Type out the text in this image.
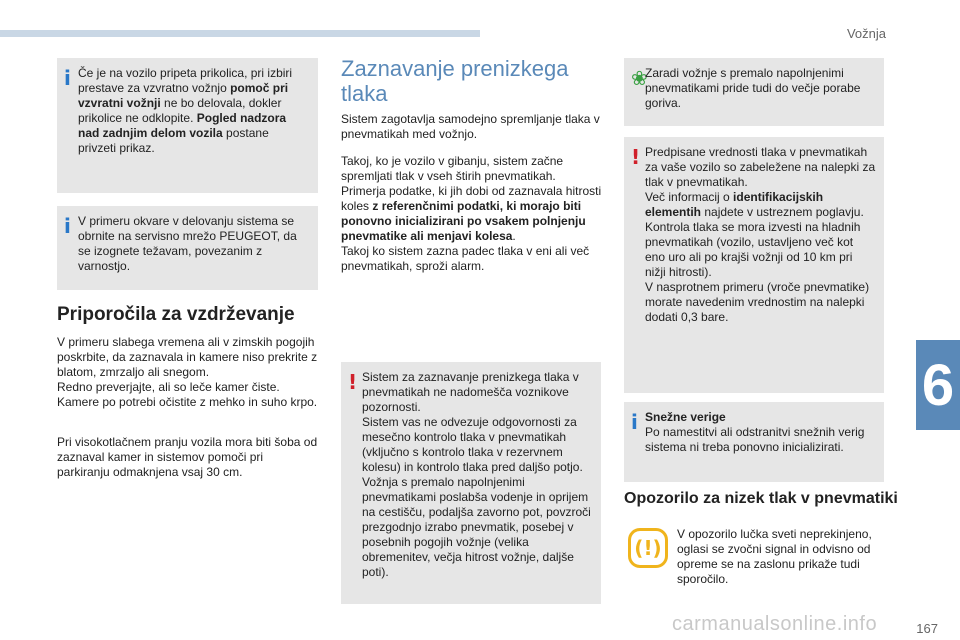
Vožnja
6
i Če je na vozilo pripeta prikolica, pri izbiri prestave za vzvratno vožnjo pomoč pri vzvratni vožnji ne bo delovala, dokler prikolice ne odklopite. Pogled nadzora nad zadnjim delom vozila postane privzeti prikaz.

i V primeru okvare v delovanju sistema se obrnite na servisno mrežo PEUGEOT, da se izognete težavam, povezanim z varnostjo.

Priporočila za vzdrževanje

V primeru slabega vremena ali v zimskih pogojih poskrbite, da zaznavala in kamere niso prekrite z blatom, zmrzaljo ali snegom.

Redno preverjajte, ali so leče kamer čiste. Kamere po potrebi očistite z mehko in suho krpo.

Pri visokotlačnem pranju vozila mora biti šoba od zaznaval kamer in sistemov pomoči pri parkiranju odmaknjena vsaj 30 cm.
Zaznavanje prenizkega tlaka
Sistem zagotavlja samodejno spremljanje tlaka v pnevmatikah med vožnjo.

Takoj, ko je vozilo v gibanju, sistem začne spremljati tlak v vseh štirih pnevmatikah. Primerja podatke, ki jih dobi od zaznavala hitrosti koles z referenčnimi podatki, ki morajo biti ponovno inicializirani po vsakem polnjenju pnevmatike ali menjavi kolesa.

Takoj ko sistem zazna padec tlaka v eni ali več pnevmatikah, sproži alarm.

! Sistem za zaznavanje prenizkega tlaka v pnevmatikah ne nadomešča voznikove pozornosti.

Sistem vas ne odvezuje odgovornosti za mesečno kontrolo tlaka v pnevmatikah (vključno s kontrolo tlaka v rezervnem kolesu) in kontrolo tlaka pred daljšo potjo.

Vožnja s premalo napolnjenimi pnevmatikami poslabša vodenje in oprijem na cestišču, podaljša zavorno pot, povzroči prezgodnjo izrabo pnevmatik, posebej v posebnih pogojih vožnje (velika obremenitev, večja hitrost vožnje, daljše poti).

❀

Zaradi vožnje s premalo napolnjenimi pnevmatikami pride tudi do večje porabe goriva.

! Predpisane vrednosti tlaka v pnevmatikah za vaše vozilo so zabeležene na nalepki za tlak v pnevmatikah.

Več informacij o identifikacijskih elementih najdete v ustreznem poglavju.

Kontrola tlaka se mora izvesti na hladnih pnevmatikah (vozilo, ustavljeno več kot eno uro ali po krajši vožnji od 10 km pri nižji hitrosti).

V nasprotnem primeru (vroče pnevmatike) morate navedenim vrednostim na nalepki dodati 0,3 bare.

i Snežne verige

Po namestitvi ali odstranitvi snežnih verig sistema ni treba ponovno inicializirati.

Opozorilo za nizek tlak v pnevmatiki
(!)
V opozorilo lučka sveti neprekinjeno, oglasi se zvočni signal in odvisno od opreme se na zaslonu prikaže tudi sporočilo.
carmanualsonline.info	167
